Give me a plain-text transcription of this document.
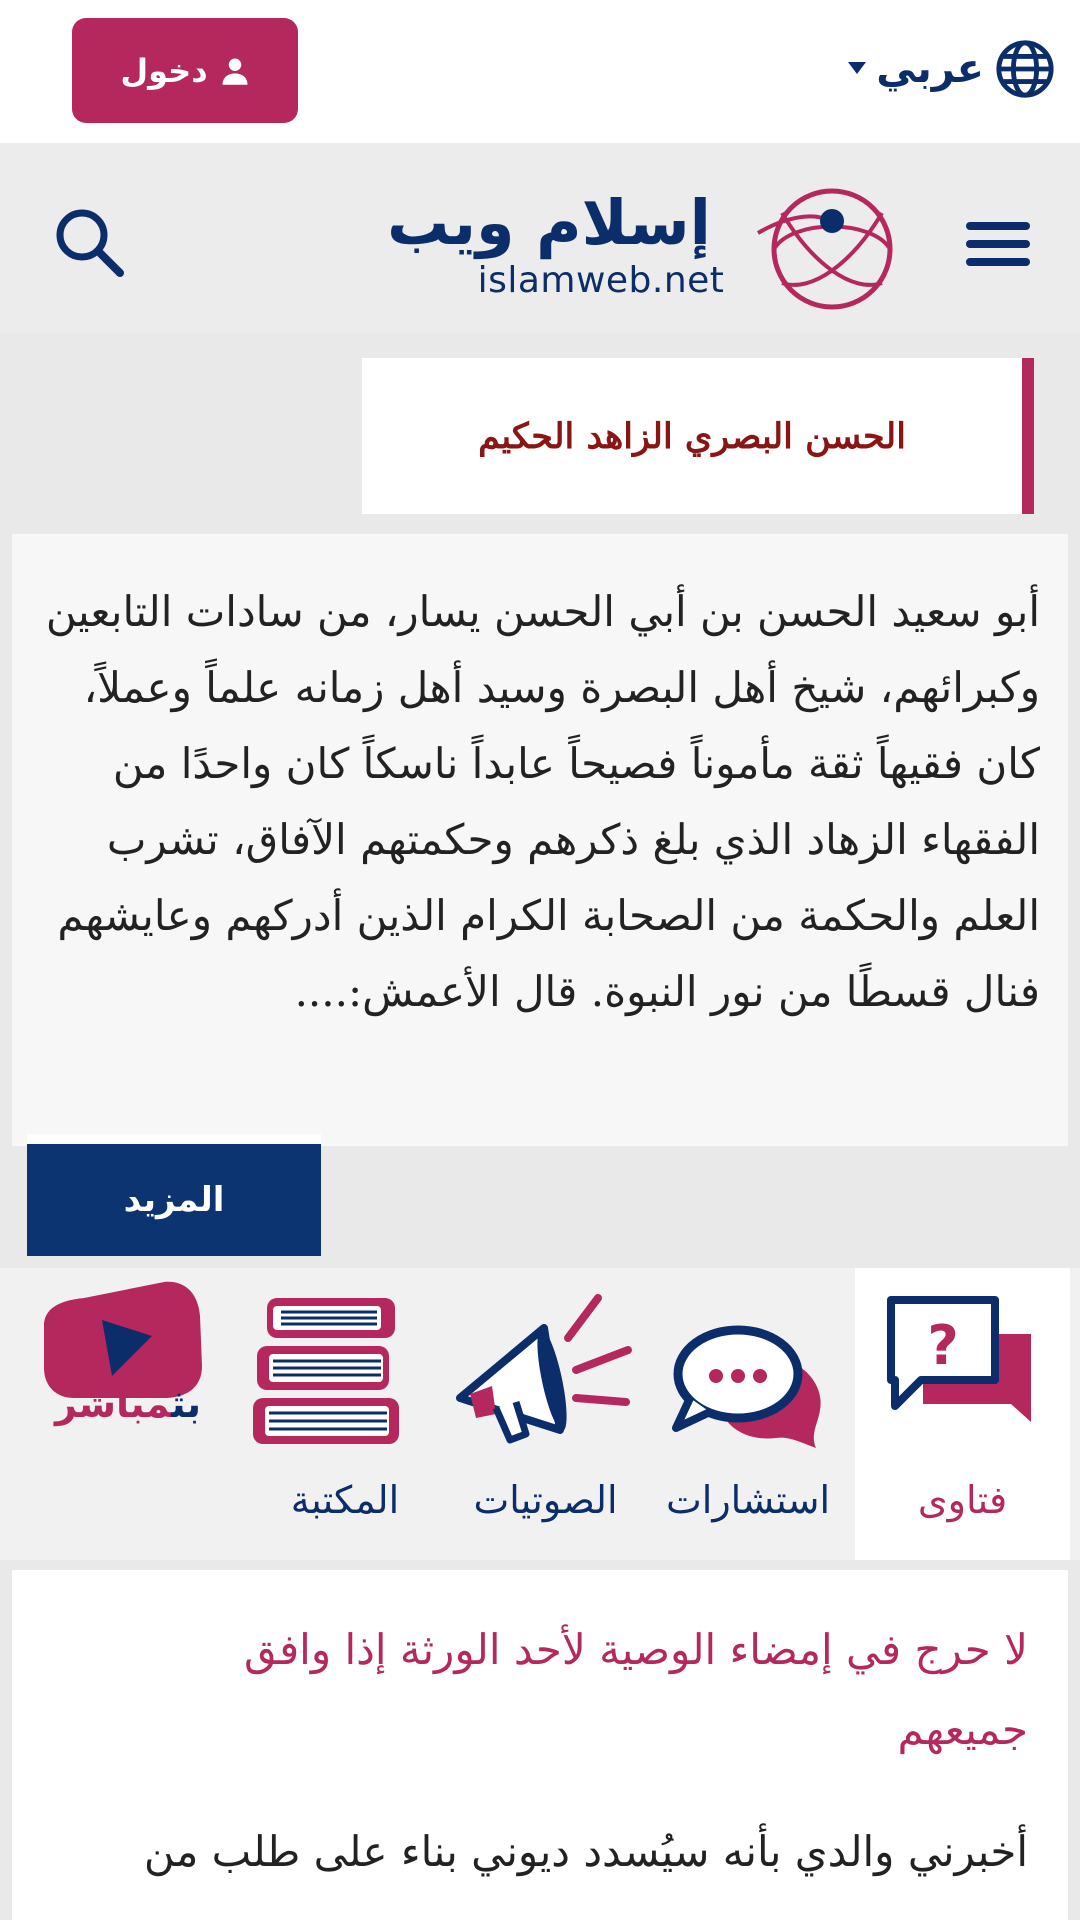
دخول	عربي
إسلام ويب
islamweb.net
الحسن البصري الزاهد الحكيم

أبو سعيد الحسن بن أبي الحسن يسار، من سادات التابعين وكبرائهم، شيخ أهل البصرة وسيد أهل زمانه علماً وعملاً، كان فقيهاً ثقة مأموناً فصيحاً عابداً ناسكاً كان واحدًا من الفقهاء الزهاد الذي بلغ ذكرهم وحكمتهم الآفاق، تشرب العلم والحكمة من الصحابة الكرام الذين أدركهم وعايشهم فنال قسطًا من نور النبوة. قال الأعمش:....

المزيد
?
فتاوى
استشارات
الصوتيات
المكتبة
بثمباشر
لا حرج في إمضاء الوصية لأحد الورثة إذا وافق جميعهم

أخبرني والدي بأنه سيُسدد ديوني بناء على طلب من
